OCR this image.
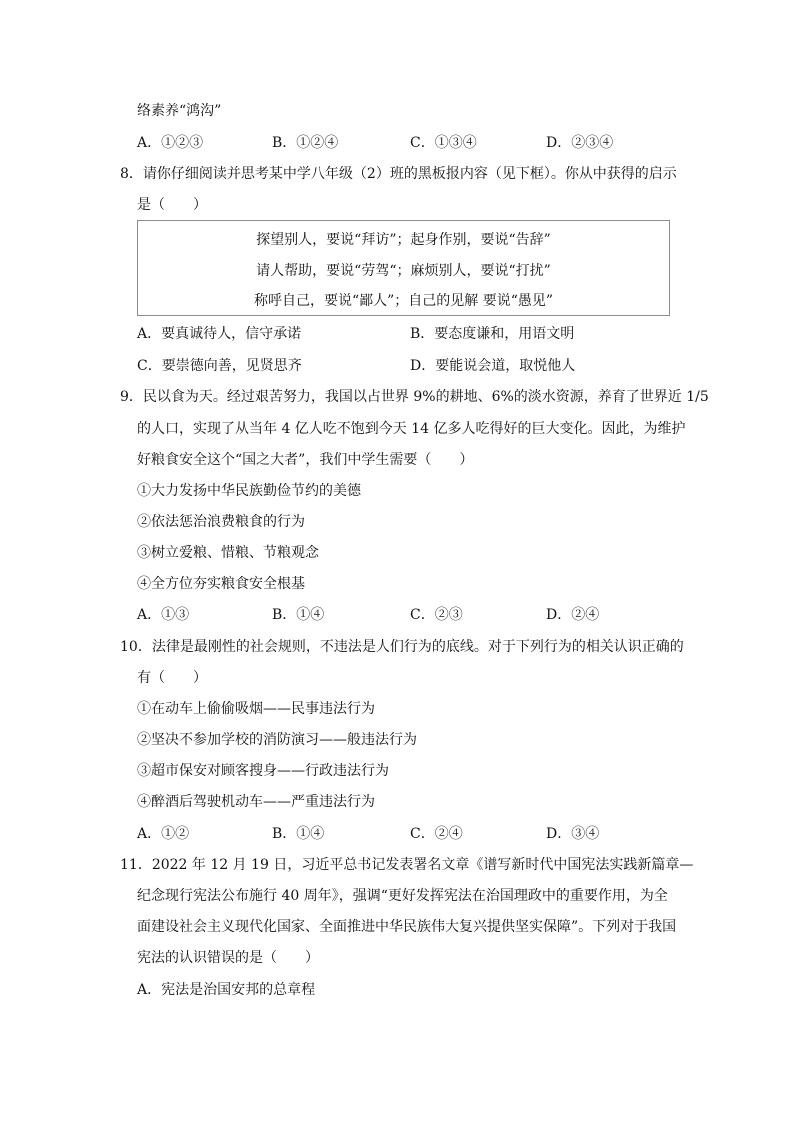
络素养“鸿沟”
A．①②③	B．①②④	C．①③④	D．②③④
8．请你仔细阅读并思考某中学八年级（2）班的黑板报内容（见下框）。你从中获得的启示
是（　　）
探望别人，要说“拜访”；起身作别，要说“告辞”
请人帮助，要说“劳驾“；麻烦别人，要说“打扰”
称呼自己，要说“鄙人”；自己的见解 要说“愚见”
A．要真诚待人，信守承诺	B．要态度谦和，用语文明
C．要崇德向善，见贤思齐	D．要能说会道，取悦他人
9．民以食为天。经过艰苦努力，我国以占世界 9%的耕地、6%的淡水资源，养育了世界近 1/5
的人口，实现了从当年 4 亿人吃不饱到今天 14 亿多人吃得好的巨大变化。因此，为维护
好粮食安全这个“国之大者”，我们中学生需要（　　）
①大力发扬中华民族勤俭节约的美德
②依法惩治浪费粮食的行为
③树立爱粮、惜粮、节粮观念
④全方位夯实粮食安全根基
A．①③	B．①④	C．②③	D．②④
10．法律是最刚性的社会规则，不违法是人们行为的底线。对于下列行为的相关认识正确的
有（　　）
①在动车上偷偷吸烟——民事违法行为
②坚决不参加学校的消防演习——般违法行为
③超市保安对顾客搜身——行政违法行为
④醉酒后驾驶机动车——严重违法行为
A．①②	B．①④	C．②④	D．③④
11．2022 年 12 月 19 日，习近平总书记发表署名文章《谱写新时代中国宪法实践新篇章—
纪念现行宪法公布施行 40 周年》，强调“更好发挥宪法在治国理政中的重要作用，为全
面建设社会主义现代化国家、全面推进中华民族伟大复兴提供坚实保障”。下列对于我国
宪法的认识错误的是（　　）
A．宪法是治国安邦的总章程
